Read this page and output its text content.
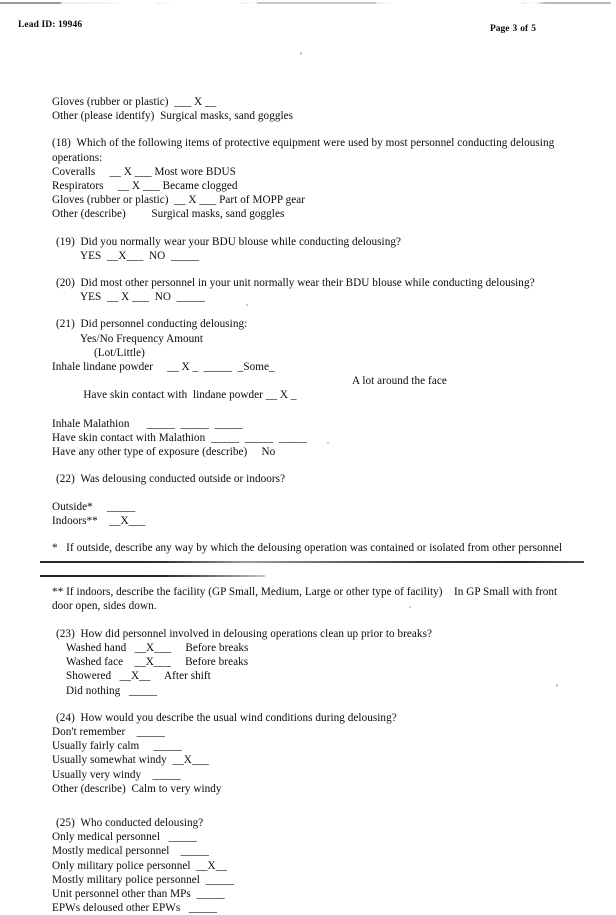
Lead ID: 19946	Page 3 of 5
Gloves (rubber or plastic)  ___ X __
Other (please identify)  Surgical masks, sand goggles
(18)  Which of the following items of protective equipment were used by most personnel conducting delousing
operations:
Coveralls     __ X ___ Most wore BDUS
Respirators     __ X ___ Became clogged
Gloves (rubber or plastic)  __ X ___ Part of MOPP gear
Other (describe)         Surgical masks, sand goggles
(19)  Did you normally wear your BDU blouse while conducting delousing?
YES  __X___  NO  _____
(20)  Did most other personnel in your unit normally wear their BDU blouse while conducting delousing?
YES  __ X ___  NO  _____
(21)  Did personnel conducting delousing:
Yes/No Frequency Amount
(Lot/Little)
Inhale lindane powder     __ X _  _____  _Some_

Have skin contact with  lindane powder __ X _
A lot around the face

Inhale Malathion      _____  _____  _____
Have skin contact with Malathion  _____  _____  _____
Have any other type of exposure (describe)     No
(22)  Was delousing conducted outside or indoors?
Outside*     _____
Indoors**    __X___
*   If outside, describe any way by which the delousing operation was contained or isolated from other personnel
** If indoors, describe the facility (GP Small, Medium, Large or other type of facility)    In GP Small with front
door open, sides down.
(23)  How did personnel involved in delousing operations clean up prior to breaks?
Washed hand   __X___     Before breaks
Washed face    __X___     Before breaks
Showered   __X__     After shift
Did nothing   _____
(24)  How would you describe the usual wind conditions during delousing?
Don't remember    _____
Usually fairly calm     _____
Usually somewhat windy  __X___
Usually very windy    _____
Other (describe)  Calm to very windy
(25)  Who conducted delousing?
Only medical personnel   _____
Mostly medical personnel    _____
Only military police personnel  __X__
Mostly military police personnel  _____
Unit personnel other than MPs  _____
EPWs deloused other EPWs   _____
